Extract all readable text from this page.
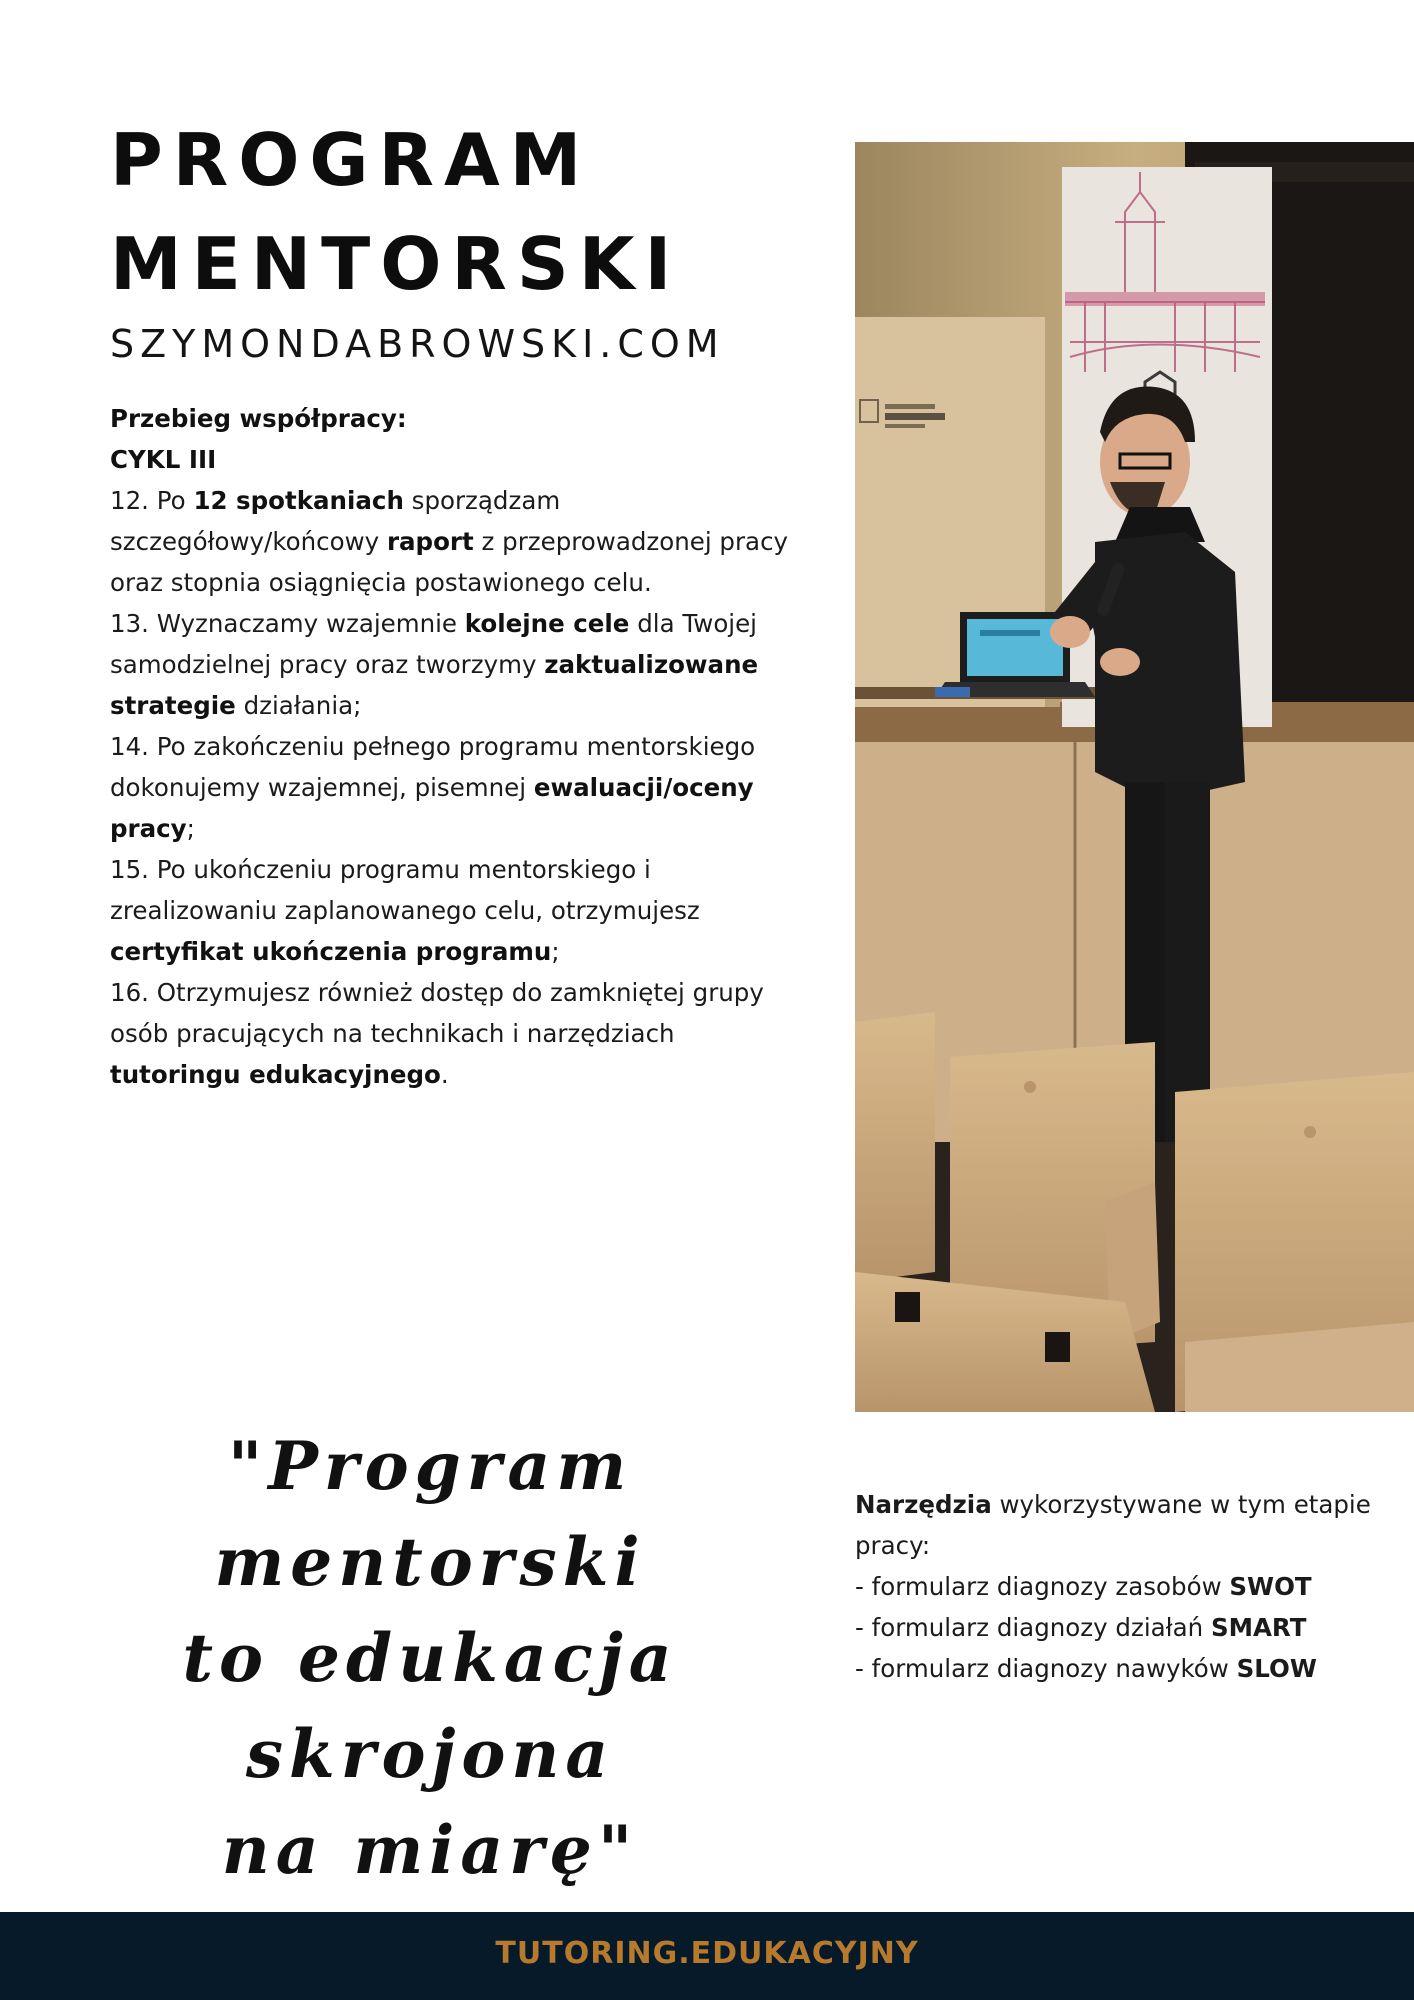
PROGRAM
MENTORSKI
SZYMONDABROWSKI.COM

Przebieg współpracy:

CYKL III

12. Po 12 spotkaniach sporządzam szczegółowy/końcowy raport z przeprowadzonej pracy oraz stopnia osiągnięcia postawionego celu.

13. Wyznaczamy wzajemnie kolejne cele dla Twojej samodzielnej pracy oraz tworzymy zaktualizowane strategie działania;

14. Po zakończeniu pełnego programu mentorskiego dokonujemy wzajemnej, pisemnej ewaluacji/oceny pracy;

15. Po ukończeniu programu mentorskiego i zrealizowaniu zaplanowanego celu, otrzymujesz certyfikat ukończenia programu;

16. Otrzymujesz również dostęp do zamkniętej grupy osób pracujących na technikach i narzędziach tutoringu edukacyjnego.

"Program mentorski
to edukacja skrojona
na miarę"

Narzędzia wykorzystywane w tym etapie pracy:

- formularz diagnozy zasobów SWOT

- formularz diagnozy działań SMART

- formularz diagnozy nawyków SLOW

TUTORING.EDUKACYJNY
